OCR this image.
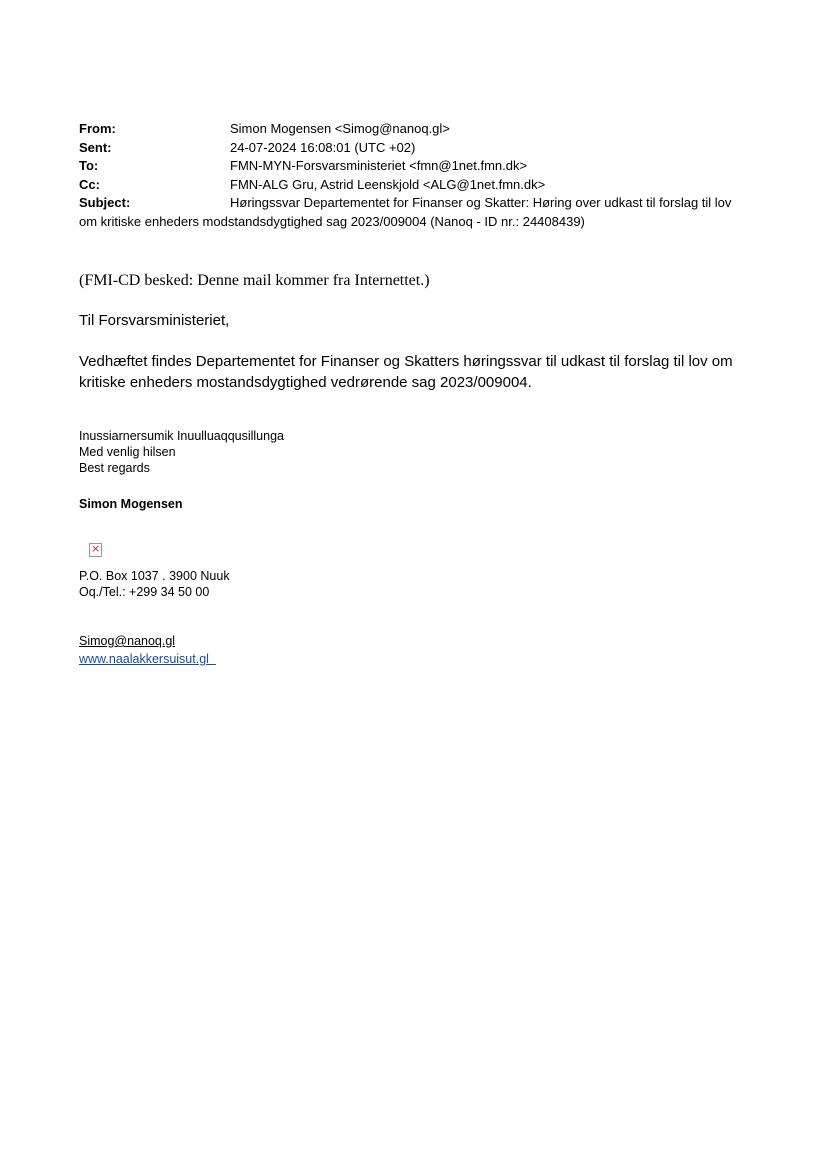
From:	Simon Mogensen <Simog@nanoq.gl>
Sent:	24-07-2024 16:08:01 (UTC +02)
To:	FMN-MYN-Forsvarsministeriet <fmn@1net.fmn.dk>
Cc:	FMN-ALG Gru, Astrid Leenskjold <ALG@1net.fmn.dk>
Subject:	Høringssvar Departementet for Finanser og Skatter: Høring over udkast til forslag til lov om kritiske enheders modstandsdygtighed sag 2023/009004 (Nanoq - ID nr.: 24408439)
(FMI-CD besked: Denne mail kommer fra Internettet.)
Til Forsvarsministeriet,
Vedhæftet findes Departementet for Finanser og Skatters høringssvar til udkast til forslag til lov om kritiske enheders mostandsdygtighed vedrørende sag 2023/009004.
Inussiarnersumik Inuulluaqqusillunga
Med venlig hilsen
Best regards
Simon Mogensen
×
P.O. Box 1037 . 3900 Nuuk
Oq./Tel.: +299 34 50 00
Simog@nanoq.gl
www.naalakkersuisut.gl
